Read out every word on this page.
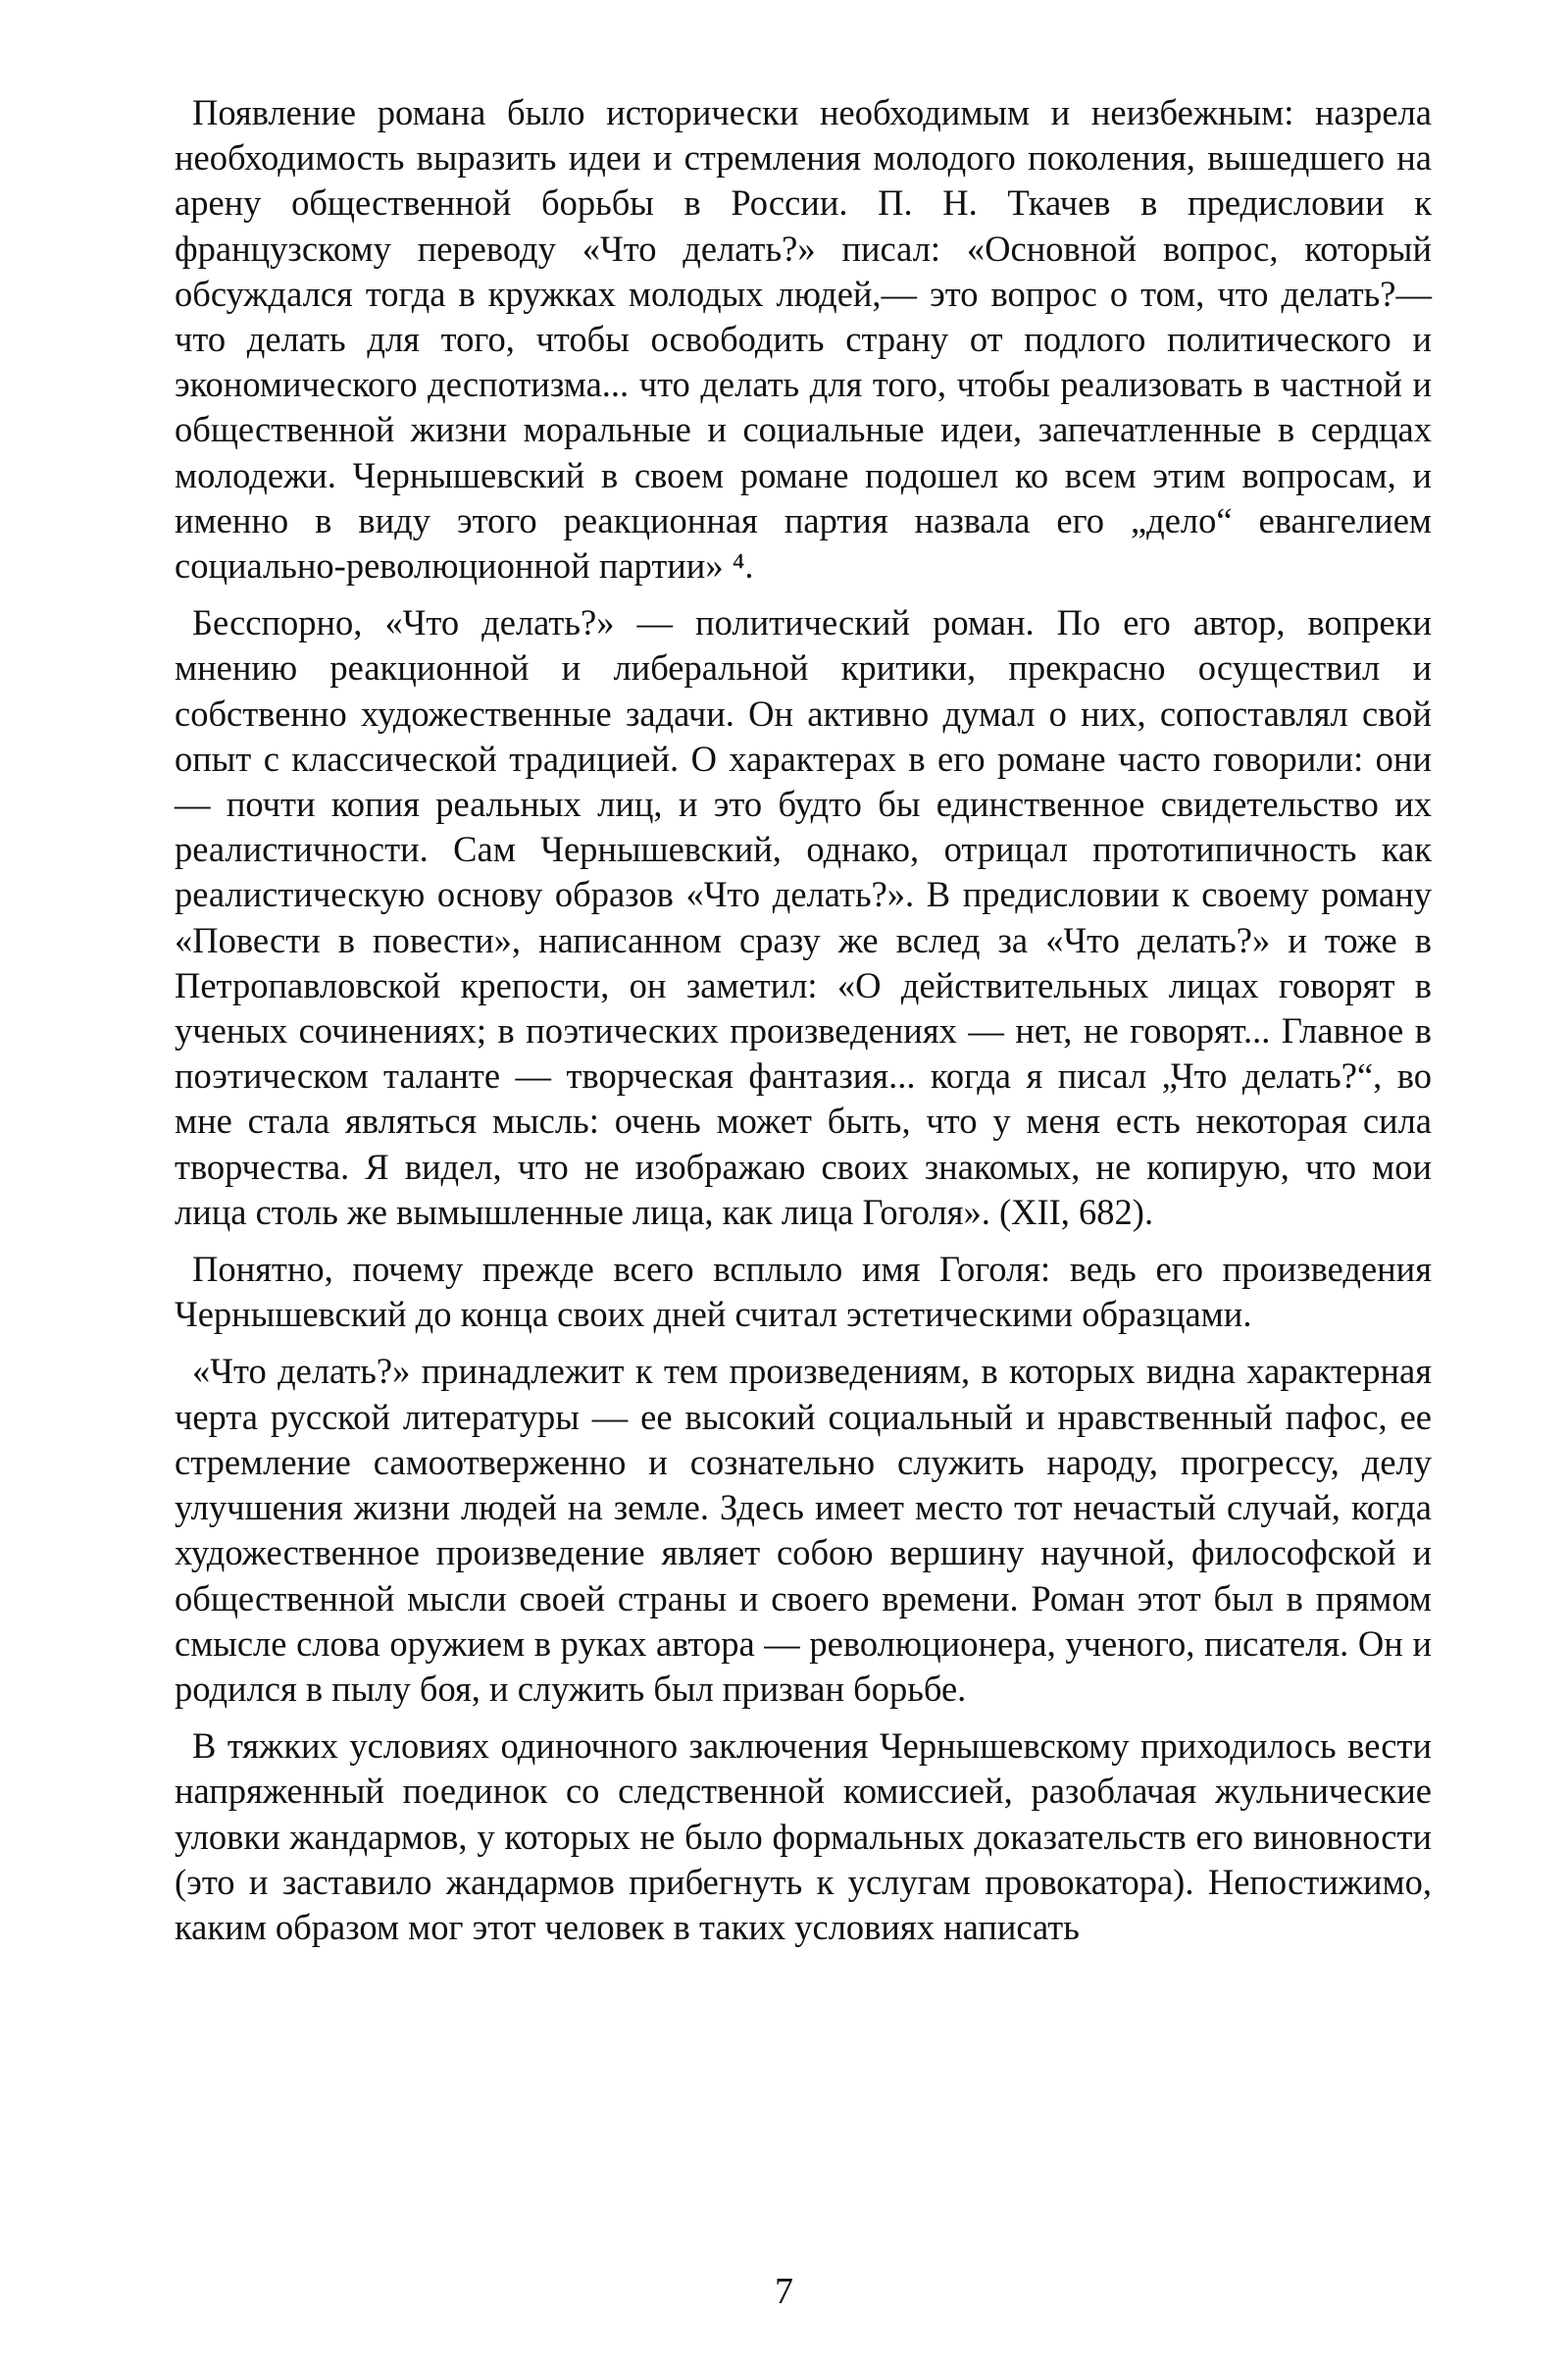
Появление романа было исторически необходимым и неизбежным: назрела необходимость выразить идеи и стремления молодого поколения, вышедшего на арену общественной борьбы в России. П. Н. Ткачев в предисловии к французскому переводу «Что делать?» писал: «Основной вопрос, который обсуждался тогда в кружках молодых людей,— это вопрос о том, что делать?— что делать для того, чтобы освободить страну от подлого политического и экономического деспотизма... что делать для того, чтобы реализовать в частной и общественной жизни моральные и социальные идеи, запечатленные в сердцах молодежи. Чернышевский в своем романе подошел ко всем этим вопросам, и именно в виду этого реакционная партия назвала его „дело“ евангелием социально-революционной партии» ⁴.

Бесспорно, «Что делать?» — политический роман. По его автор, вопреки мнению реакционной и либеральной критики, прекрасно осуществил и собственно художественные задачи. Он активно думал о них, сопоставлял свой опыт с классической традицией. О характерах в его романе часто говорили: они — почти копия реальных лиц, и это будто бы единственное свидетельство их реалистичности. Сам Чернышевский, однако, отрицал прототипичность как реалистическую основу образов «Что делать?». В предисловии к своему роману «Повести в повести», написанном сразу же вслед за «Что делать?» и тоже в Петропавловской крепости, он заметил: «О действительных лицах говорят в ученых сочинениях; в поэтических произведениях — нет, не говорят... Главное в поэтическом таланте — творческая фантазия... когда я писал „Что делать?“, во мне стала являться мысль: очень может быть, что у меня есть некоторая сила творчества. Я видел, что не изображаю своих знакомых, не копирую, что мои лица столь же вымышленные лица, как лица Гоголя». (XII, 682).

Понятно, почему прежде всего всплыло имя Гоголя: ведь его произведения Чернышевский до конца своих дней считал эстетическими образцами.

«Что делать?» принадлежит к тем произведениям, в которых видна характерная черта русской литературы — ее высокий социальный и нравственный пафос, ее стремление самоотверженно и сознательно служить народу, прогрессу, делу улучшения жизни людей на земле. Здесь имеет место тот нечастый случай, когда художественное произведение являет собою вершину научной, философской и общественной мысли своей страны и своего времени. Роман этот был в прямом смысле слова оружием в руках автора — революционера, ученого, писателя. Он и родился в пылу боя, и служить был призван борьбе.

В тяжких условиях одиночного заключения Чернышевскому приходилось вести напряженный поединок со следственной комиссией, разоблачая жульнические уловки жандармов, у которых не было формальных доказательств его виновности (это и заставило жандармов прибегнуть к услугам провокатора). Непостижимо, каким образом мог этот человек в таких условиях написать

7
